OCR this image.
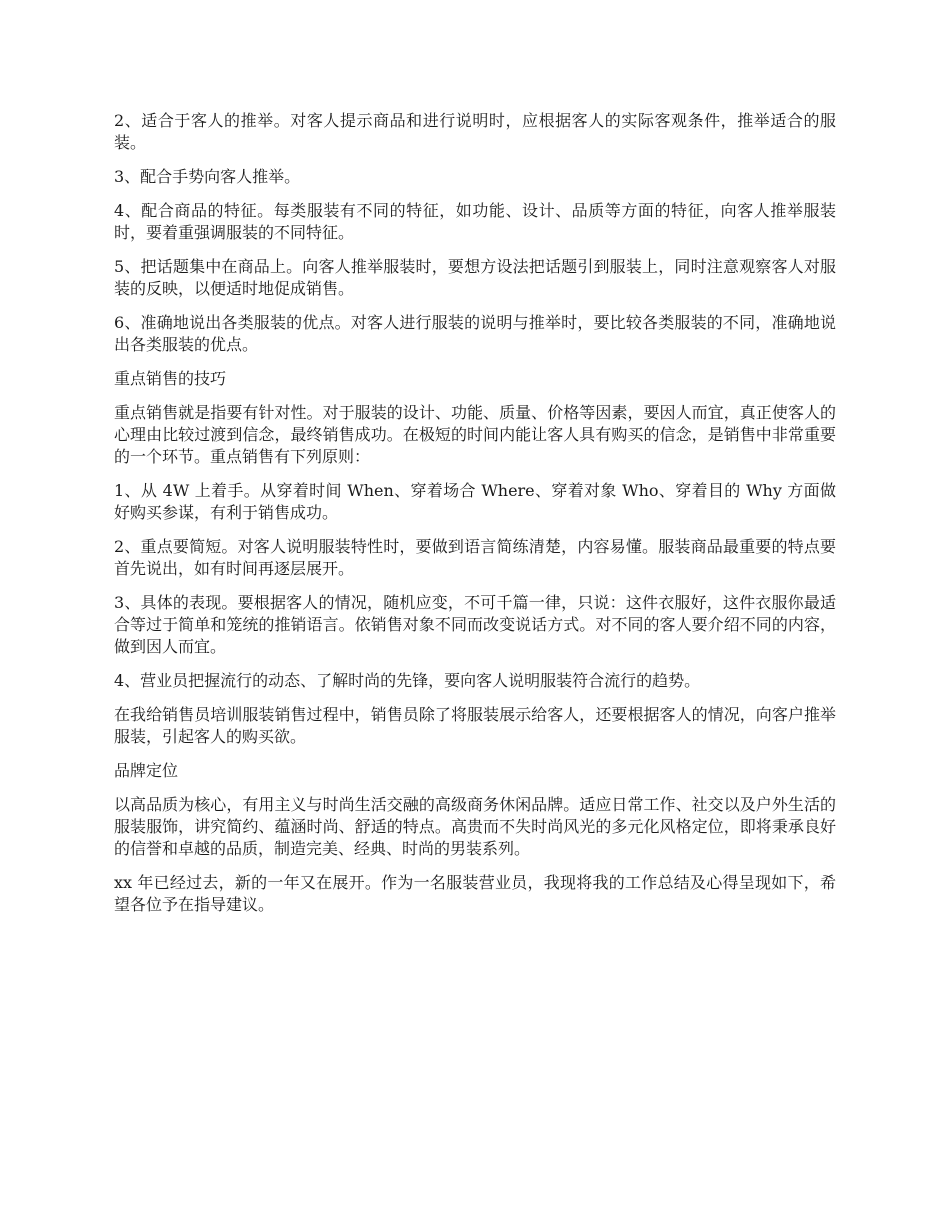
2、适合于客人的推举。对客人提示商品和进行说明时，应根据客人的实际客观条件，推举适合的服装。

3、配合手势向客人推举。

4、配合商品的特征。每类服装有不同的特征，如功能、设计、品质等方面的特征，向客人推举服装时，要着重强调服装的不同特征。

5、把话题集中在商品上。向客人推举服装时，要想方设法把话题引到服装上，同时注意观察客人对服装的反映，以便适时地促成销售。

6、准确地说出各类服装的优点。对客人进行服装的说明与推举时，要比较各类服装的不同，准确地说出各类服装的优点。

重点销售的技巧

重点销售就是指要有针对性。对于服装的设计、功能、质量、价格等因素，要因人而宜，真正使客人的心理由比较过渡到信念，最终销售成功。在极短的时间内能让客人具有购买的信念，是销售中非常重要的一个环节。重点销售有下列原则：

1、从 4W 上着手。从穿着时间 When、穿着场合 Where、穿着对象 Who、穿着目的 Why 方面做好购买参谋，有利于销售成功。

2、重点要简短。对客人说明服装特性时，要做到语言简练清楚，内容易懂。服装商品最重要的特点要首先说出，如有时间再逐层展开。

3、具体的表现。要根据客人的情况，随机应变，不可千篇一律，只说：这件衣服好，这件衣服你最适合等过于简单和笼统的推销语言。依销售对象不同而改变说话方式。对不同的客人要介绍不同的内容，做到因人而宜。

4、营业员把握流行的动态、了解时尚的先锋，要向客人说明服装符合流行的趋势。

在我给销售员培训服装销售过程中，销售员除了将服装展示给客人，还要根据客人的情况，向客户推举服装，引起客人的购买欲。

品牌定位

以高品质为核心，有用主义与时尚生活交融的高级商务休闲品牌。适应日常工作、社交以及户外生活的服装服饰，讲究简约、蕴涵时尚、舒适的特点。高贵而不失时尚风光的多元化风格定位，即将秉承良好的信誉和卓越的品质，制造完美、经典、时尚的男装系列。

xx 年已经过去，新的一年又在展开。作为一名服装营业员，我现将我的工作总结及心得呈现如下，希望各位予在指导建议。
